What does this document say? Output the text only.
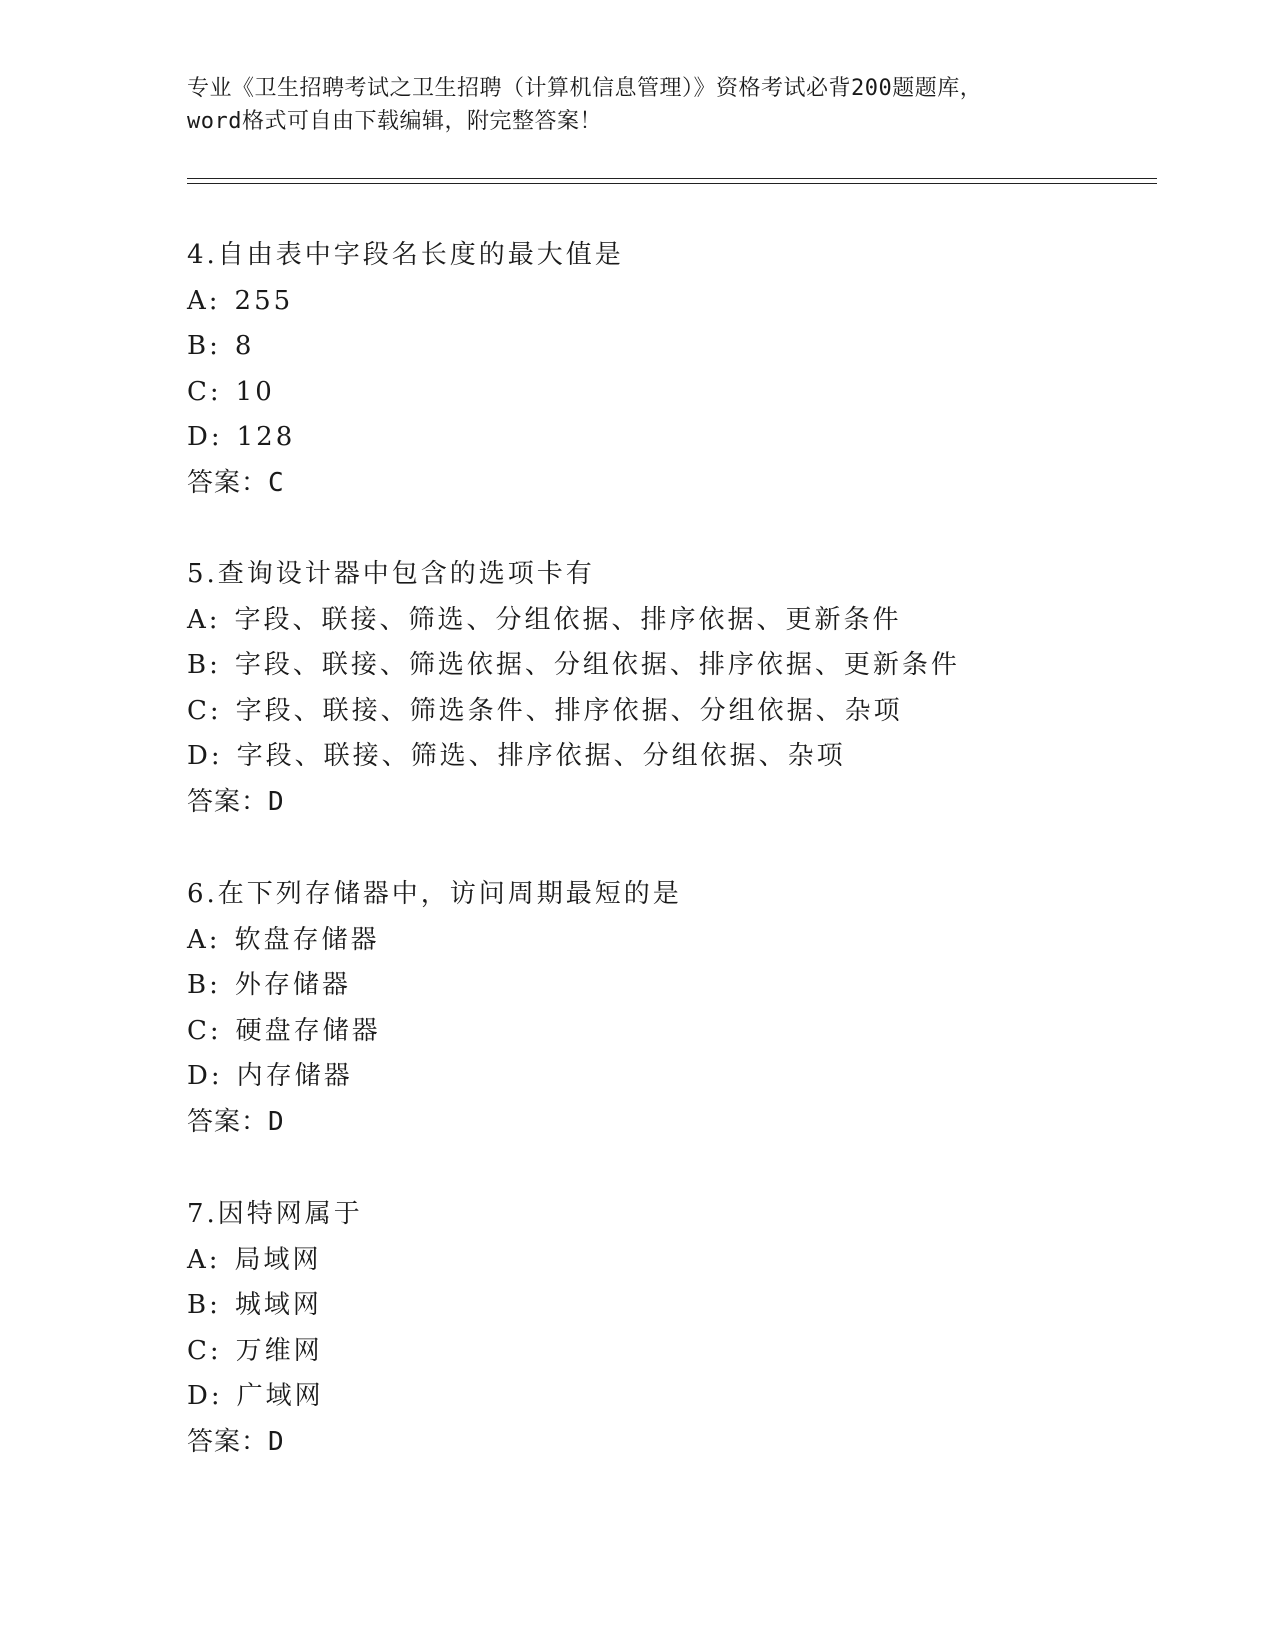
专业《卫生招聘考试之卫生招聘（计算机信息管理）》资格考试必背200题题库，
word格式可自由下载编辑，附完整答案！
4.自由表中字段名长度的最大值是
A: 255
B: 8
C: 10
D: 128
答案：C
5.查询设计器中包含的选项卡有
A: 字段、联接、筛选、分组依据、排序依据、更新条件
B: 字段、联接、筛选依据、分组依据、排序依据、更新条件
C: 字段、联接、筛选条件、排序依据、分组依据、杂项
D: 字段、联接、筛选、排序依据、分组依据、杂项
答案：D
6.在下列存储器中，访问周期最短的是
A: 软盘存储器
B: 外存储器
C: 硬盘存储器
D: 内存储器
答案：D
7.因特网属于
A: 局域网
B: 城域网
C: 万维网
D: 广域网
答案：D
